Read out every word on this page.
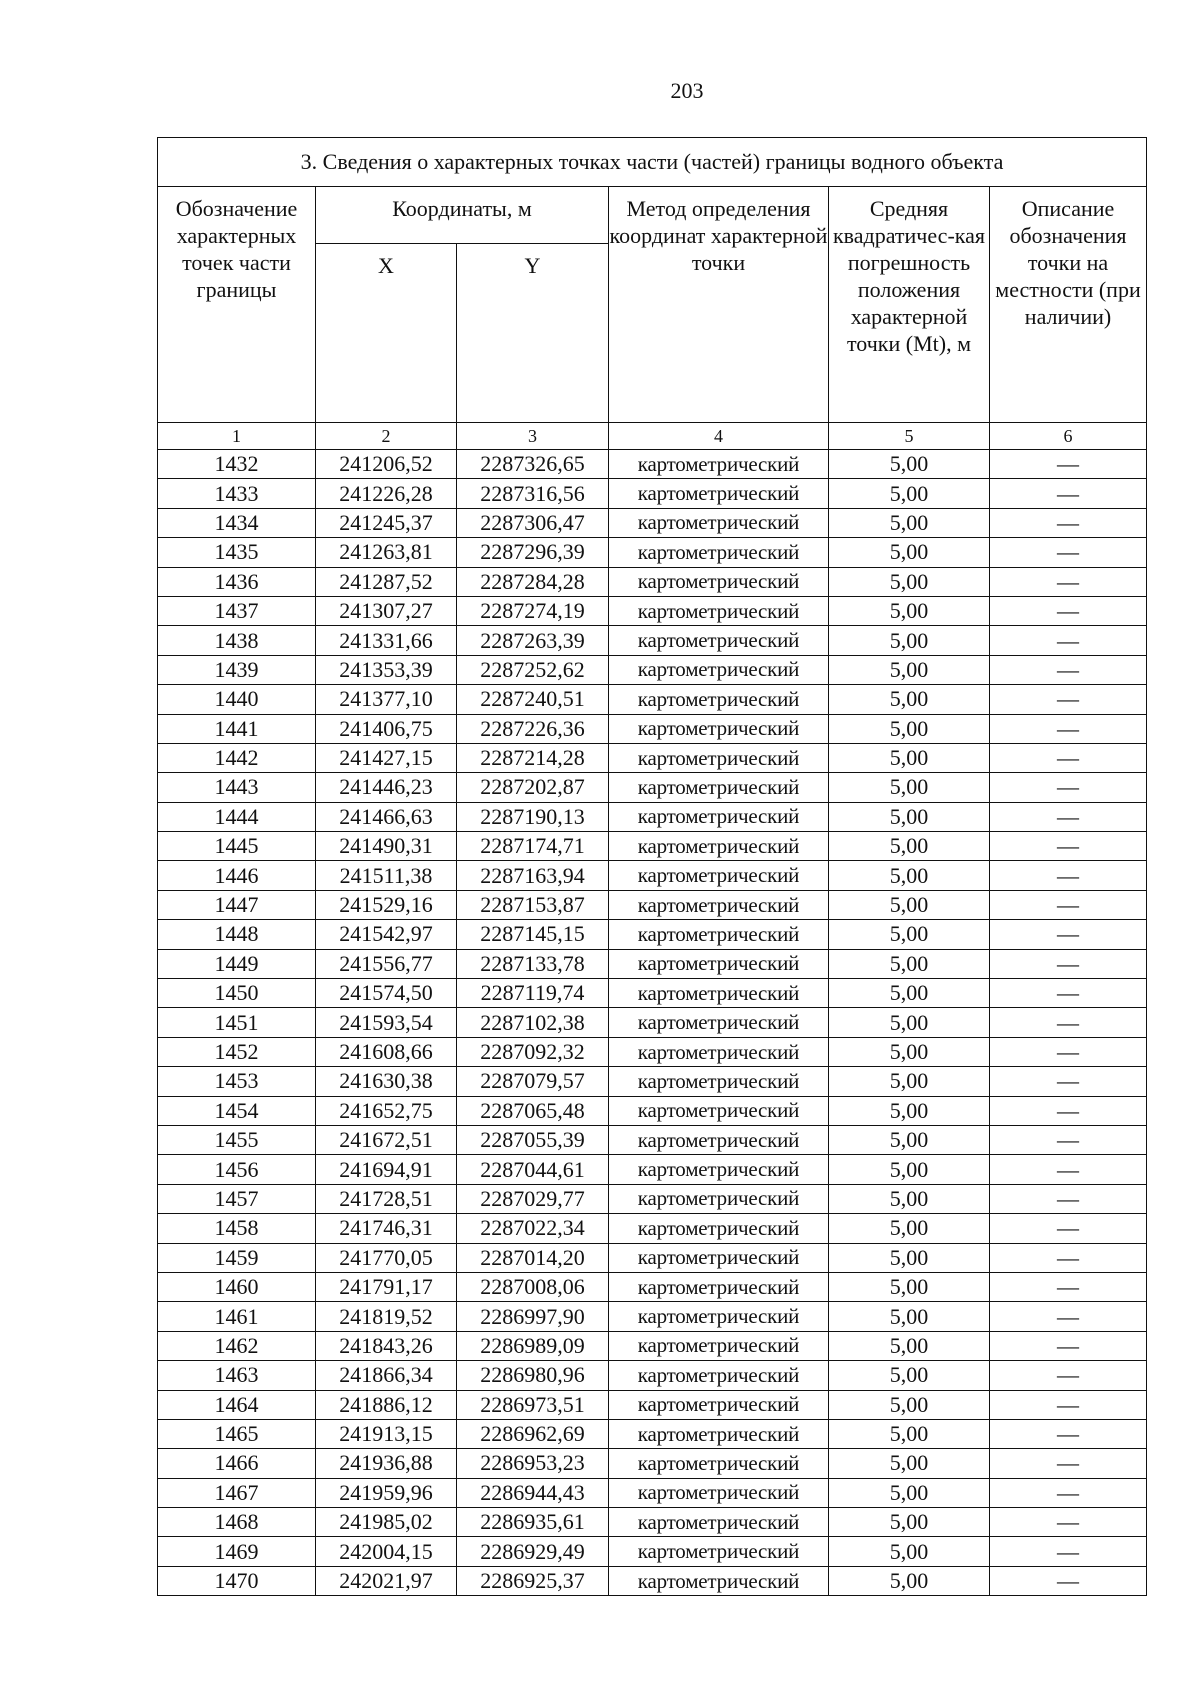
203
3. Сведения о характерных точках части (частей) границы водного объекта					
Обозначение характерных точек части границы	Координаты, м		Метод определения координат характерной точки	Средняя квадратичес-кая погрешность положения характерной точки (Mt), м	Описание обозначения точки на местности (при наличии)
	X	Y			
1	2	3	4	5	6
1432	241206,52	2287326,65	картометрический	5,00	—
1433	241226,28	2287316,56	картометрический	5,00	—
1434	241245,37	2287306,47	картометрический	5,00	—
1435	241263,81	2287296,39	картометрический	5,00	—
1436	241287,52	2287284,28	картометрический	5,00	—
1437	241307,27	2287274,19	картометрический	5,00	—
1438	241331,66	2287263,39	картометрический	5,00	—
1439	241353,39	2287252,62	картометрический	5,00	—
1440	241377,10	2287240,51	картометрический	5,00	—
1441	241406,75	2287226,36	картометрический	5,00	—
1442	241427,15	2287214,28	картометрический	5,00	—
1443	241446,23	2287202,87	картометрический	5,00	—
1444	241466,63	2287190,13	картометрический	5,00	—
1445	241490,31	2287174,71	картометрический	5,00	—
1446	241511,38	2287163,94	картометрический	5,00	—
1447	241529,16	2287153,87	картометрический	5,00	—
1448	241542,97	2287145,15	картометрический	5,00	—
1449	241556,77	2287133,78	картометрический	5,00	—
1450	241574,50	2287119,74	картометрический	5,00	—
1451	241593,54	2287102,38	картометрический	5,00	—
1452	241608,66	2287092,32	картометрический	5,00	—
1453	241630,38	2287079,57	картометрический	5,00	—
1454	241652,75	2287065,48	картометрический	5,00	—
1455	241672,51	2287055,39	картометрический	5,00	—
1456	241694,91	2287044,61	картометрический	5,00	—
1457	241728,51	2287029,77	картометрический	5,00	—
1458	241746,31	2287022,34	картометрический	5,00	—
1459	241770,05	2287014,20	картометрический	5,00	—
1460	241791,17	2287008,06	картометрический	5,00	—
1461	241819,52	2286997,90	картометрический	5,00	—
1462	241843,26	2286989,09	картометрический	5,00	—
1463	241866,34	2286980,96	картометрический	5,00	—
1464	241886,12	2286973,51	картометрический	5,00	—
1465	241913,15	2286962,69	картометрический	5,00	—
1466	241936,88	2286953,23	картометрический	5,00	—
1467	241959,96	2286944,43	картометрический	5,00	—
1468	241985,02	2286935,61	картометрический	5,00	—
1469	242004,15	2286929,49	картометрический	5,00	—
1470	242021,97	2286925,37	картометрический	5,00	—
